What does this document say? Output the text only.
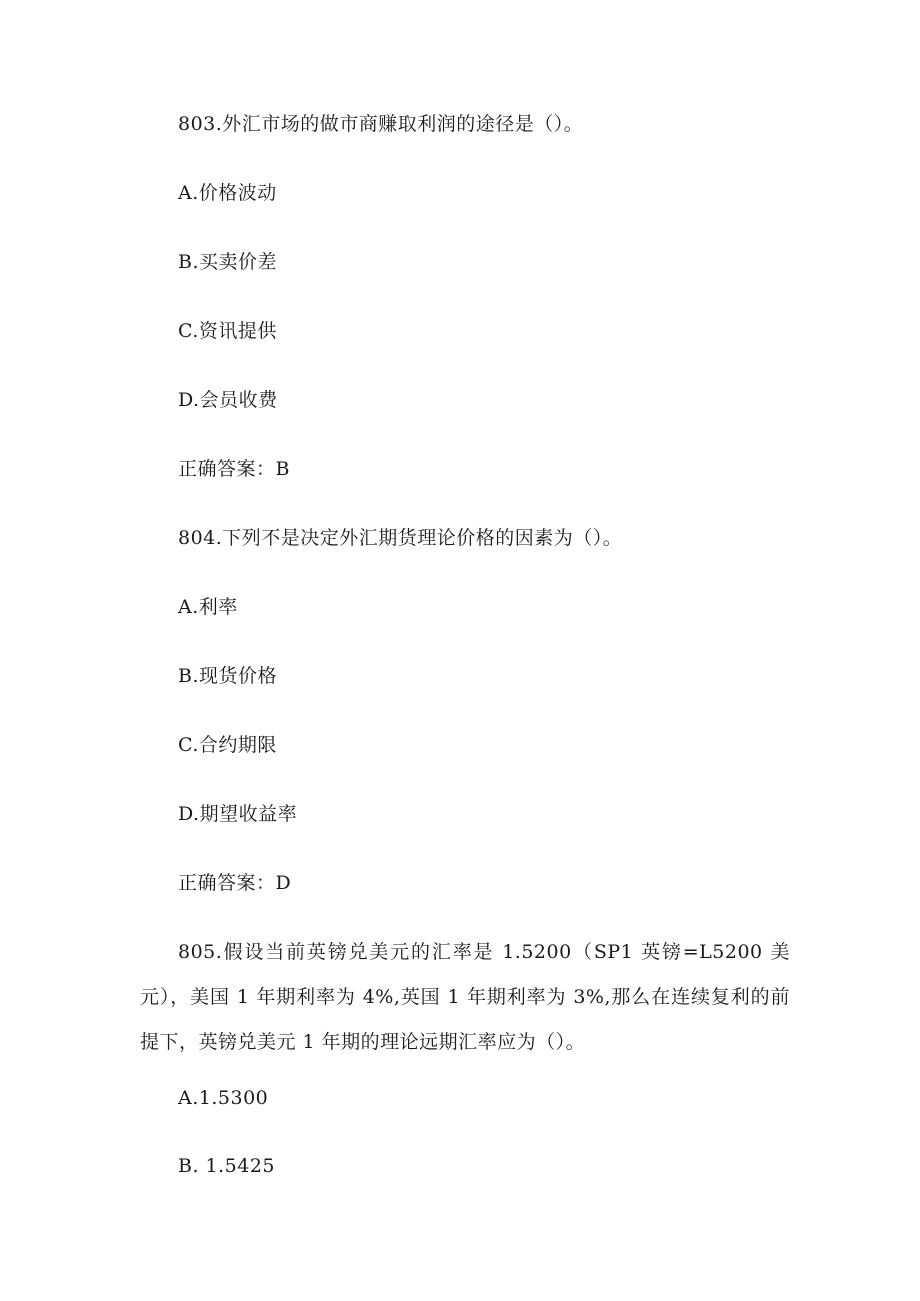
803.外汇市场的做市商赚取利润的途径是（）。
A.价格波动
B.买卖价差
C.资讯提供
D.会员收费
正确答案：B
804.下列不是决定外汇期货理论价格的因素为（）。
A.利率
B.现货价格
C.合约期限
D.期望收益率
正确答案：D
805.假设当前英镑兑美元的汇率是 1.5200（SP1 英镑=L5200 美元），美国 1 年期利率为 4%,英国 1 年期利率为 3%,那么在连续复利的前提下，英镑兑美元 1 年期的理论远期汇率应为（）。
A.1.5300
B. 1.5425
